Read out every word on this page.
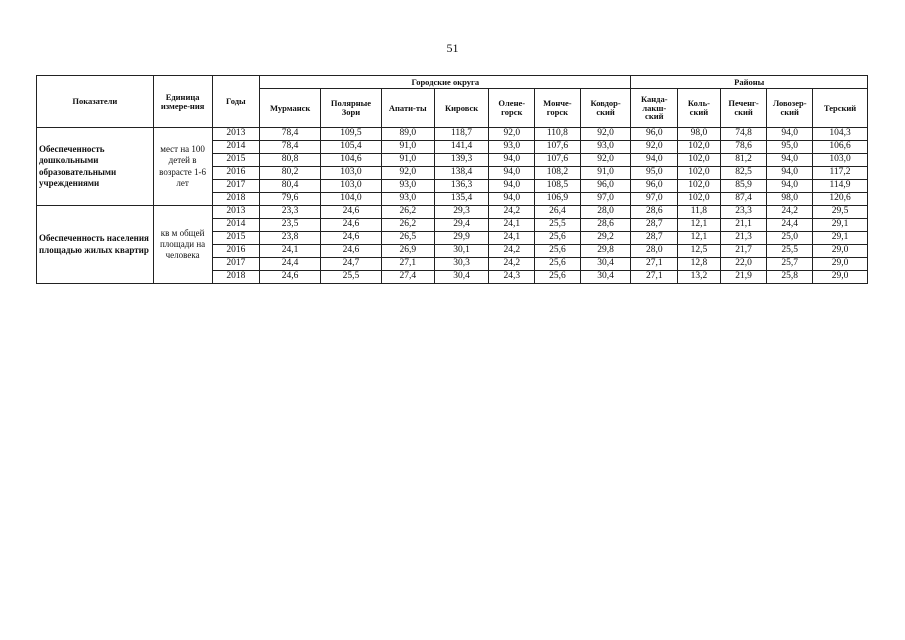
51
Показатели	Единица измере-ния	Годы	Городские округа							Районы				
			Мурманск	Полярные Зори	Апати-ты	Кировск	Олене-горск	Монче-горск	Ковдор-ский	Канда-лакш-ский	Коль-ский	Печенг-ский	Ловозер-ский	Терский
Обеспеченность дошкольными образовательными учреждениями	мест на 100 детей в возрасте 1-6 лет	2013	78,4	109,5	89,0	118,7	92,0	110,8	92,0	96,0	98,0	74,8	94,0	104,3
		2014	78,4	105,4	91,0	141,4	93,0	107,6	93,0	92,0	102,0	78,6	95,0	106,6
		2015	80,8	104,6	91,0	139,3	94,0	107,6	92,0	94,0	102,0	81,2	94,0	103,0
		2016	80,2	103,0	92,0	138,4	94,0	108,2	91,0	95,0	102,0	82,5	94,0	117,2
		2017	80,4	103,0	93,0	136,3	94,0	108,5	96,0	96,0	102,0	85,9	94,0	114,9
		2018	79,6	104,0	93,0	135,4	94,0	106,9	97,0	97,0	102,0	87,4	98,0	120,6
Обеспеченность населения площадью жилых квартир	кв м общей площади на человека	2013	23,3	24,6	26,2	29,3	24,2	26,4	28,0	28,6	11,8	23,3	24,2	29,5
		2014	23,5	24,6	26,2	29,4	24,1	25,5	28,6	28,7	12,1	21,1	24,4	29,1
		2015	23,8	24,6	26,5	29,9	24,1	25,6	29,2	28,7	12,1	21,3	25,0	29,1
		2016	24,1	24,6	26,9	30,1	24,2	25,6	29,8	28,0	12,5	21,7	25,5	29,0
		2017	24,4	24,7	27,1	30,3	24,2	25,6	30,4	27,1	12,8	22,0	25,7	29,0
		2018	24,6	25,5	27,4	30,4	24,3	25,6	30,4	27,1	13,2	21,9	25,8	29,0
